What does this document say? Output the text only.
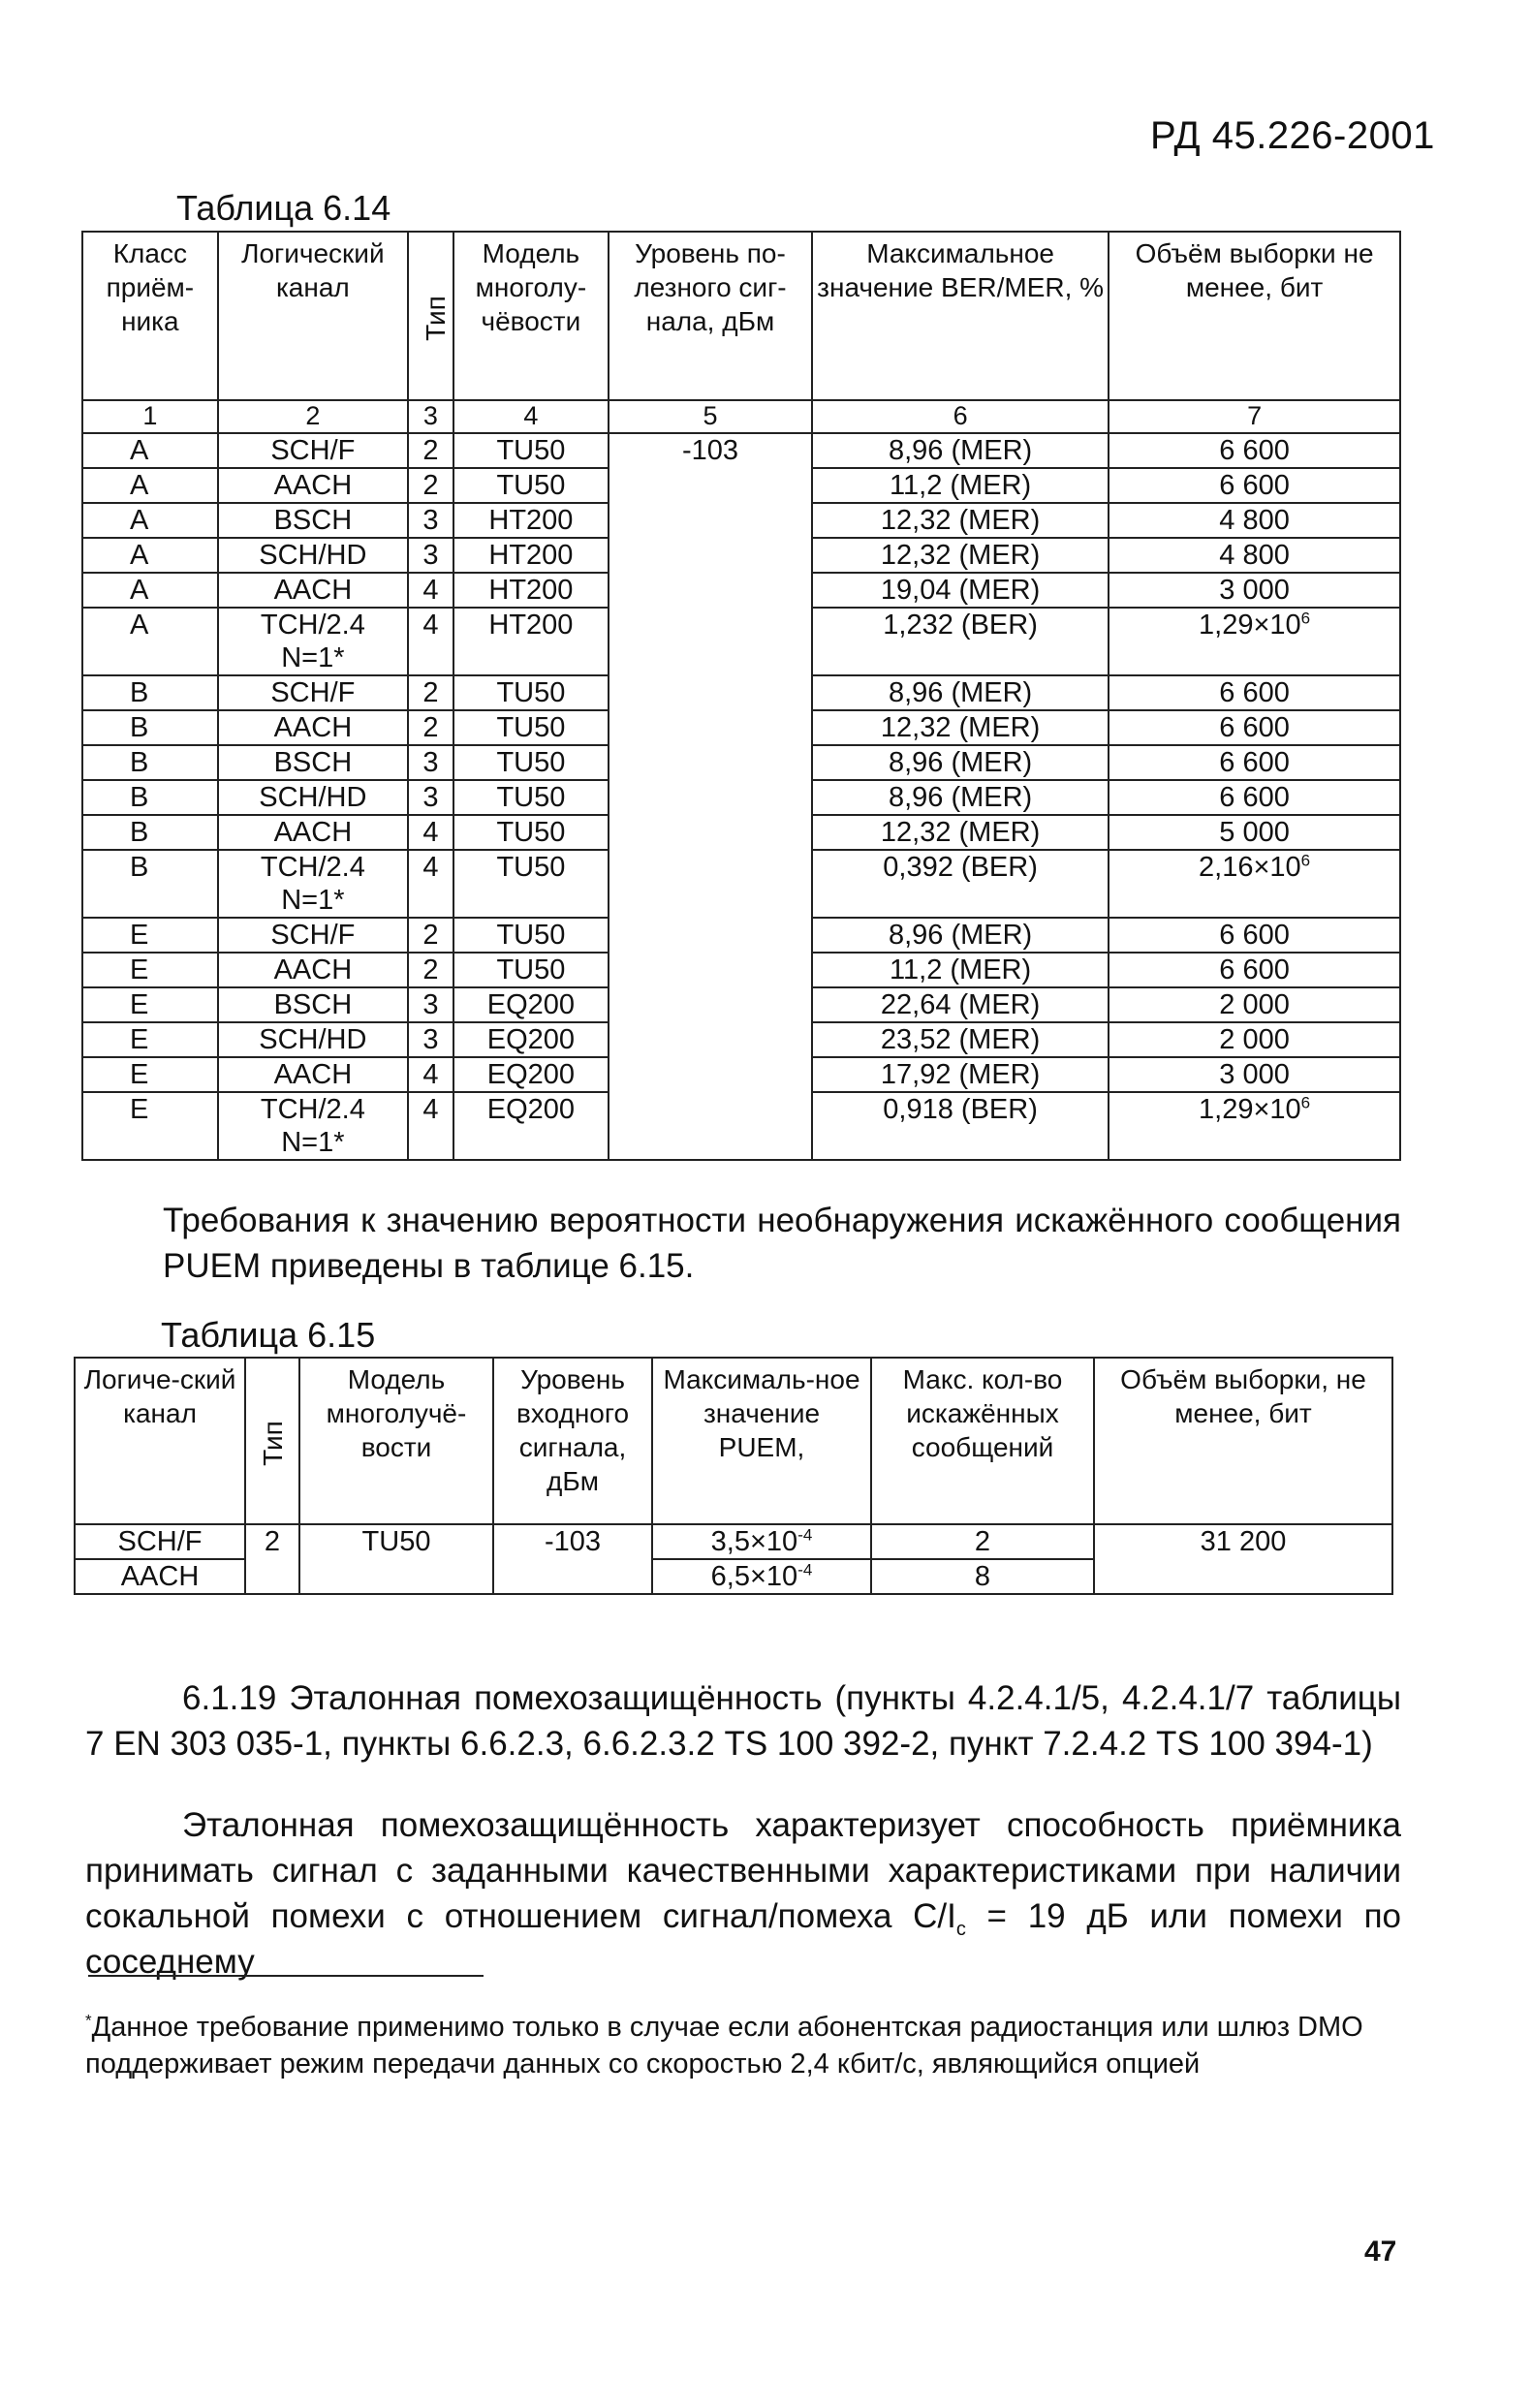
РД 45.226-2001
Таблица 6.14
Класс приём-ника	Логический канал	Тип	Модель многолу-чёвости	Уровень по-лезного сиг-нала, дБм	Максимальное значение BER/MER, %	Объём выборки не менее, бит
1	2	3	4	5	6	7
A	SCH/F	2	TU50	-103	8,96 (MER)	6 600
A	AACH	2	TU50		11,2 (MER)	6 600
A	BSCH	3	HT200		12,32 (MER)	4 800
A	SCH/HD	3	HT200		12,32 (MER)	4 800
A	AACH	4	HT200		19,04 (MER)	3 000
A	TCH/2.4
N=1*	4	HT200		1,232 (BER)	$1,29\times 10^6$
B	SCH/F	2	TU50		8,96 (MER)	6 600
B	AACH	2	TU50		12,32 (MER)	6 600
B	BSCH	3	TU50		8,96 (MER)	6 600
B	SCH/HD	3	TU50		8,96 (MER)	6 600
B	AACH	4	TU50		12,32 (MER)	5 000
B	TCH/2.4
N=1*	4	TU50		0,392 (BER)	$2,16\times 10^6$
E	SCH/F	2	TU50		8,96 (MER)	6 600
E	AACH	2	TU50		11,2 (MER)	6 600
E	BSCH	3	EQ200		22,64 (MER)	2 000
E	SCH/HD	3	EQ200		23,52 (MER)	2 000
E	AACH	4	EQ200		17,92 (MER)	3 000
E	TCH/2.4
N=1*	4	EQ200		0,918 (BER)	$1,29\times 10^6$
Требования к значению вероятности необнаружения искажённого сообщения PUEM приведены в таблице 6.15.
Таблица 6.15
Логиче-ский канал	Тип	Модель многолучё-вости	Уровень входного сигнала, дБм	Максималь-ное значение PUEM,	Макс. кол-во искажённых сообщений	Объём выборки, не менее, бит
SCH/F	2	TU50	-103	$3,5\times 10^{-4}$	2	31 200
AACH				$6,5\times 10^{-4}$	8	
6.1.19 Эталонная помехозащищённость (пункты 4.2.4.1/5, 4.2.4.1/7 таблицы 7 EN 303 035-1, пункты 6.6.2.3, 6.6.2.3.2 TS 100 392-2, пункт 7.2.4.2 TS 100 394-1)
Эталонная помехозащищённость характеризует способность приёмника принимать сигнал с заданными качественными характеристиками при наличии сокальной помехи с отношением сигнал/помеха $С/I_c = 19$ дБ или помехи по соседнему
*Данное требование применимо только в случае если абонентская радиостанция или шлюз DMO поддерживает режим передачи данных со скоростью 2,4 кбит/с, являющийся опцией
47
